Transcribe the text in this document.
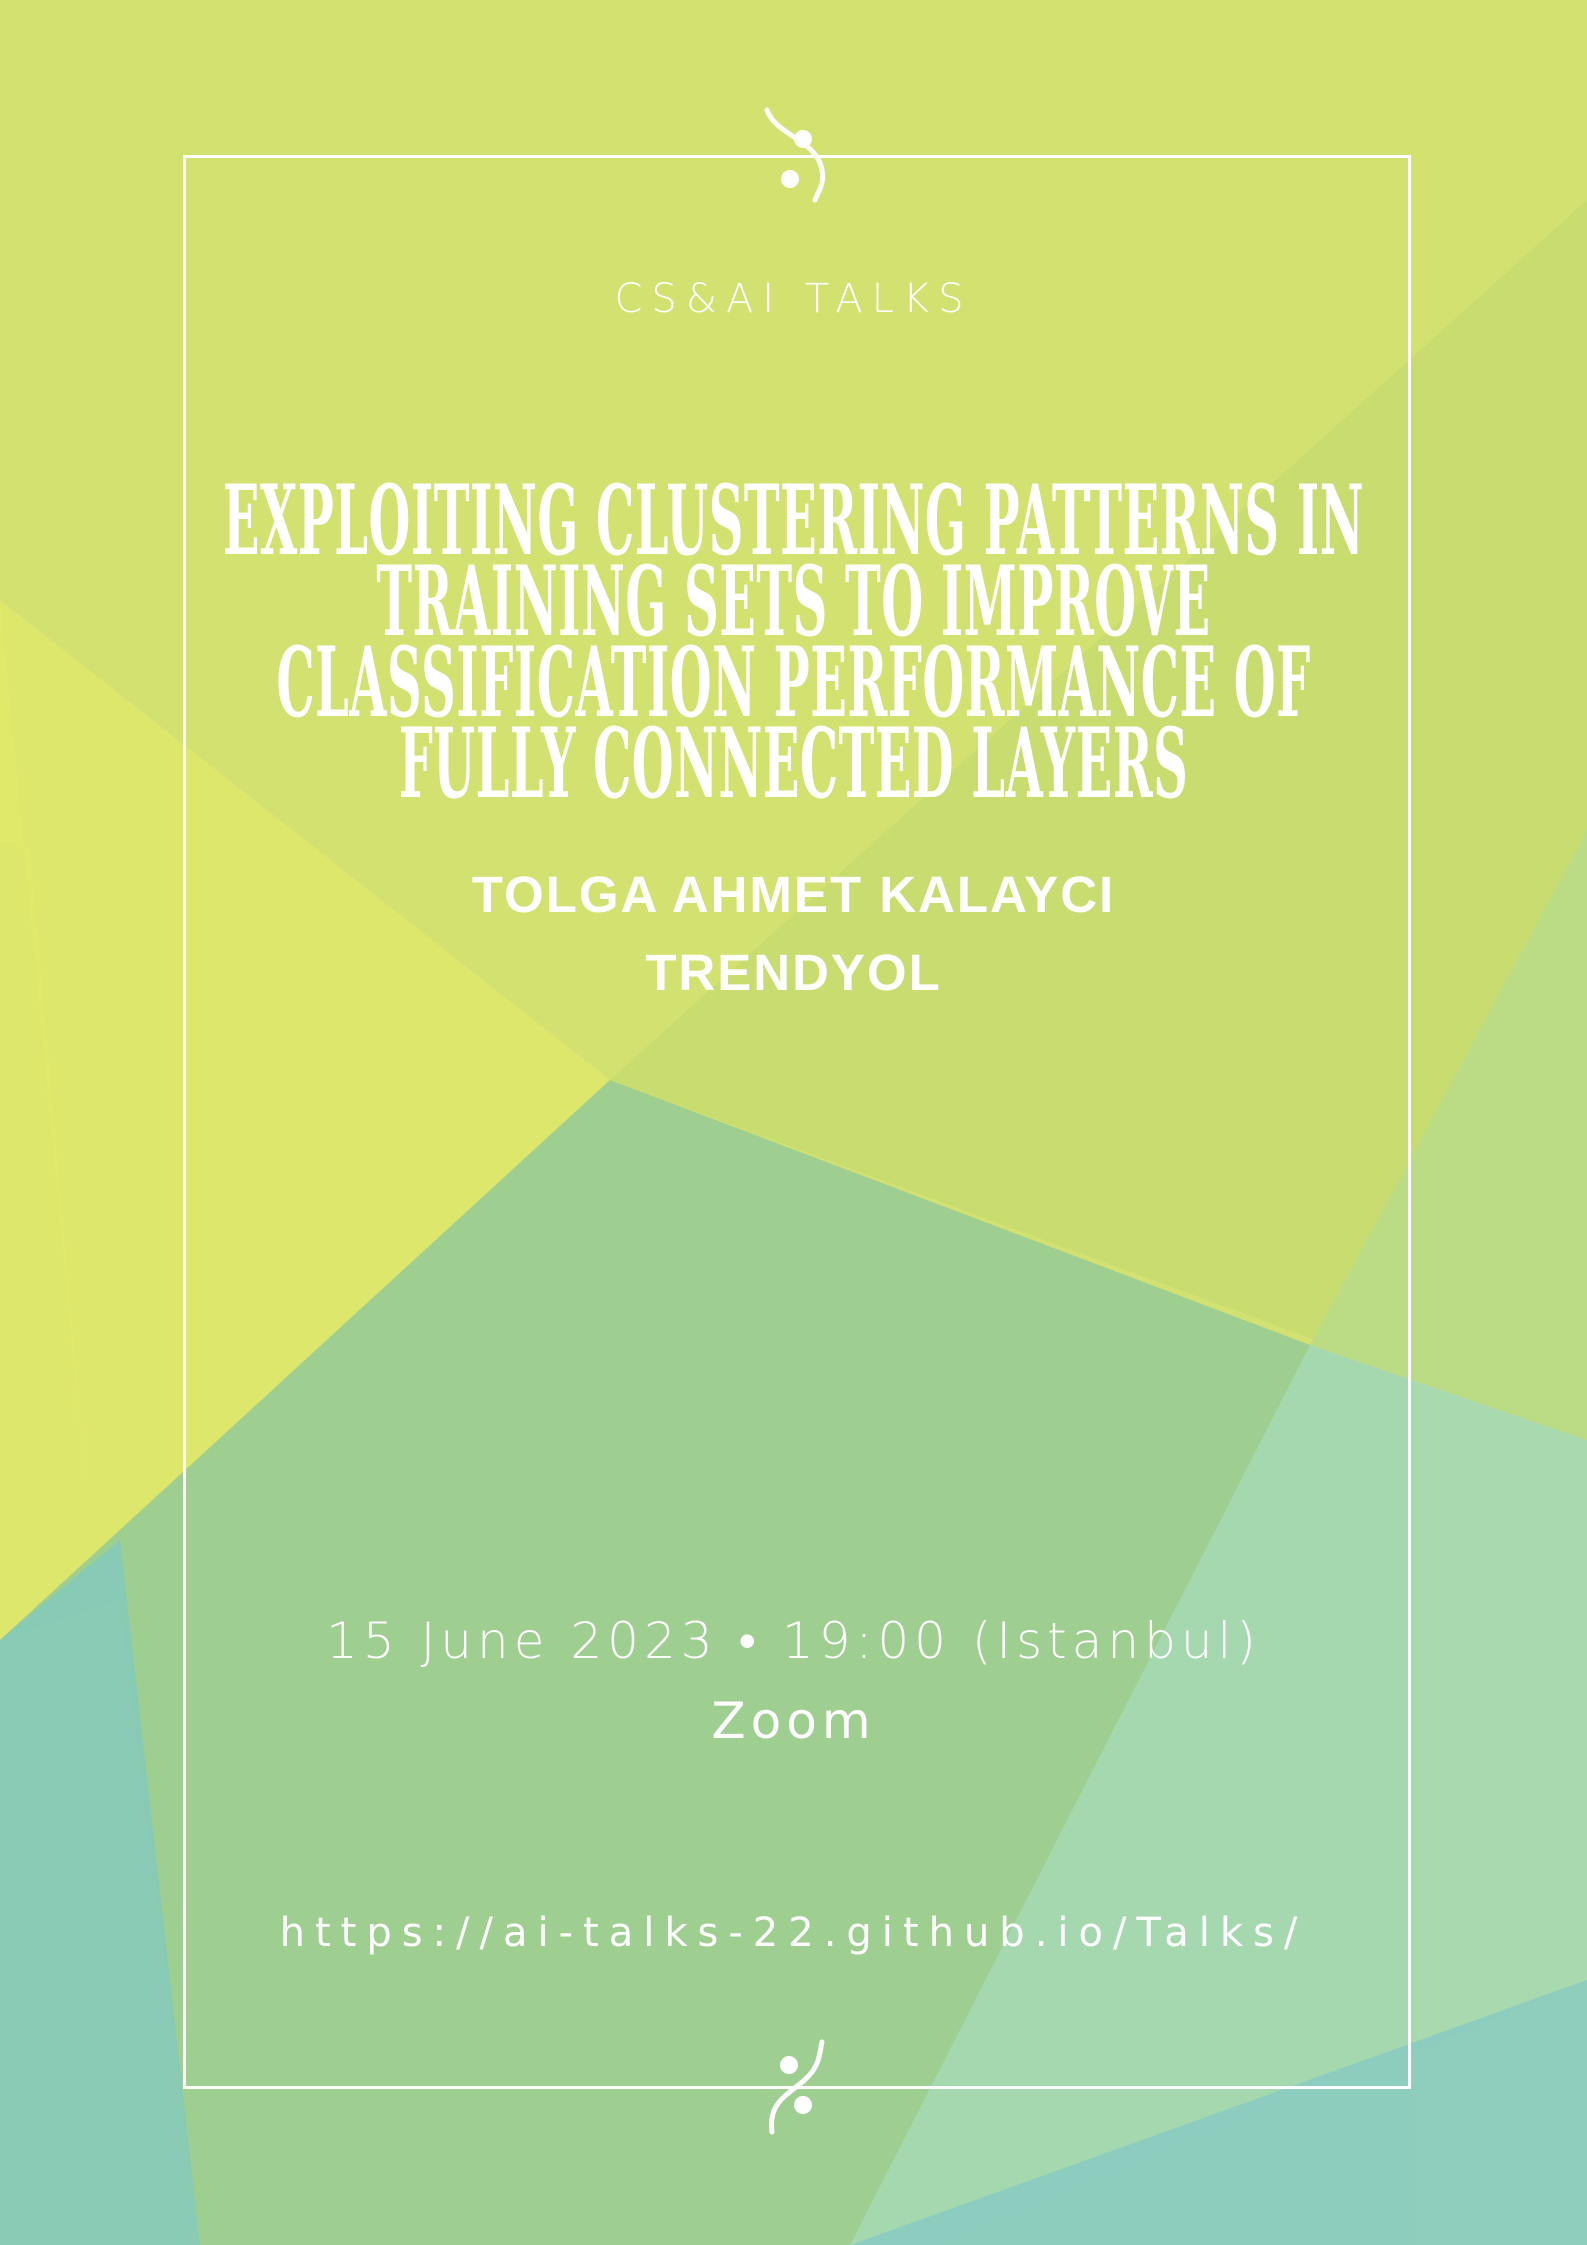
CS&AI TALKS
EXPLOITING CLUSTERING PATTERNS IN TRAINING SETS TO IMPROVE CLASSIFICATION PERFORMANCE OF FULLY CONNECTED LAYERS
TOLGA AHMET KALAYCI
TRENDYOL
15 June 2023 • 19:00 (Istanbul)
Zoom
https://ai-talks-22.github.io/Talks/
